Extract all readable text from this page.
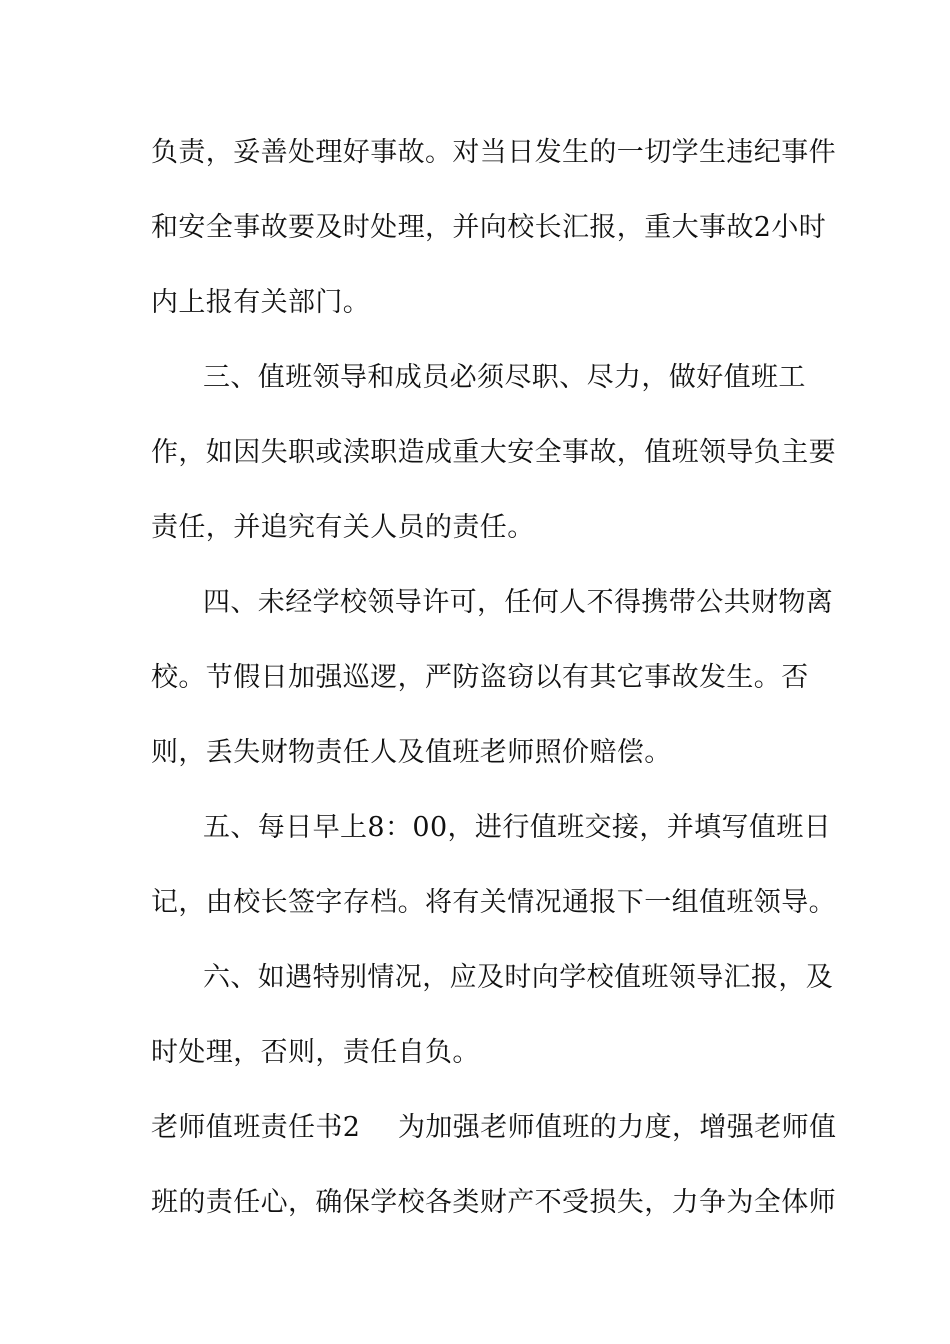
负责，妥善处理好事故。对当日发生的一切学生违纪事件
和安全事故要及时处理，并向校长汇报，重大事故2小时
内上报有关部门。
三、值班领导和成员必须尽职、尽力，做好值班工
作，如因失职或渎职造成重大安全事故，值班领导负主要
责任，并追究有关人员的责任。
四、未经学校领导许可，任何人不得携带公共财物离
校。节假日加强巡逻，严防盗窃以有其它事故发生。否
则，丢失财物责任人及值班老师照价赔偿。
五、每日早上8：00，进行值班交接，并填写值班日
记，由校长签字存档。将有关情况通报下一组值班领导。
六、如遇特别情况，应及时向学校值班领导汇报，及
时处理，否则，责任自负。
老师值班责任书2 为加强老师值班的力度，增强老师值
班的责任心，确保学校各类财产不受损失，力争为全体师
